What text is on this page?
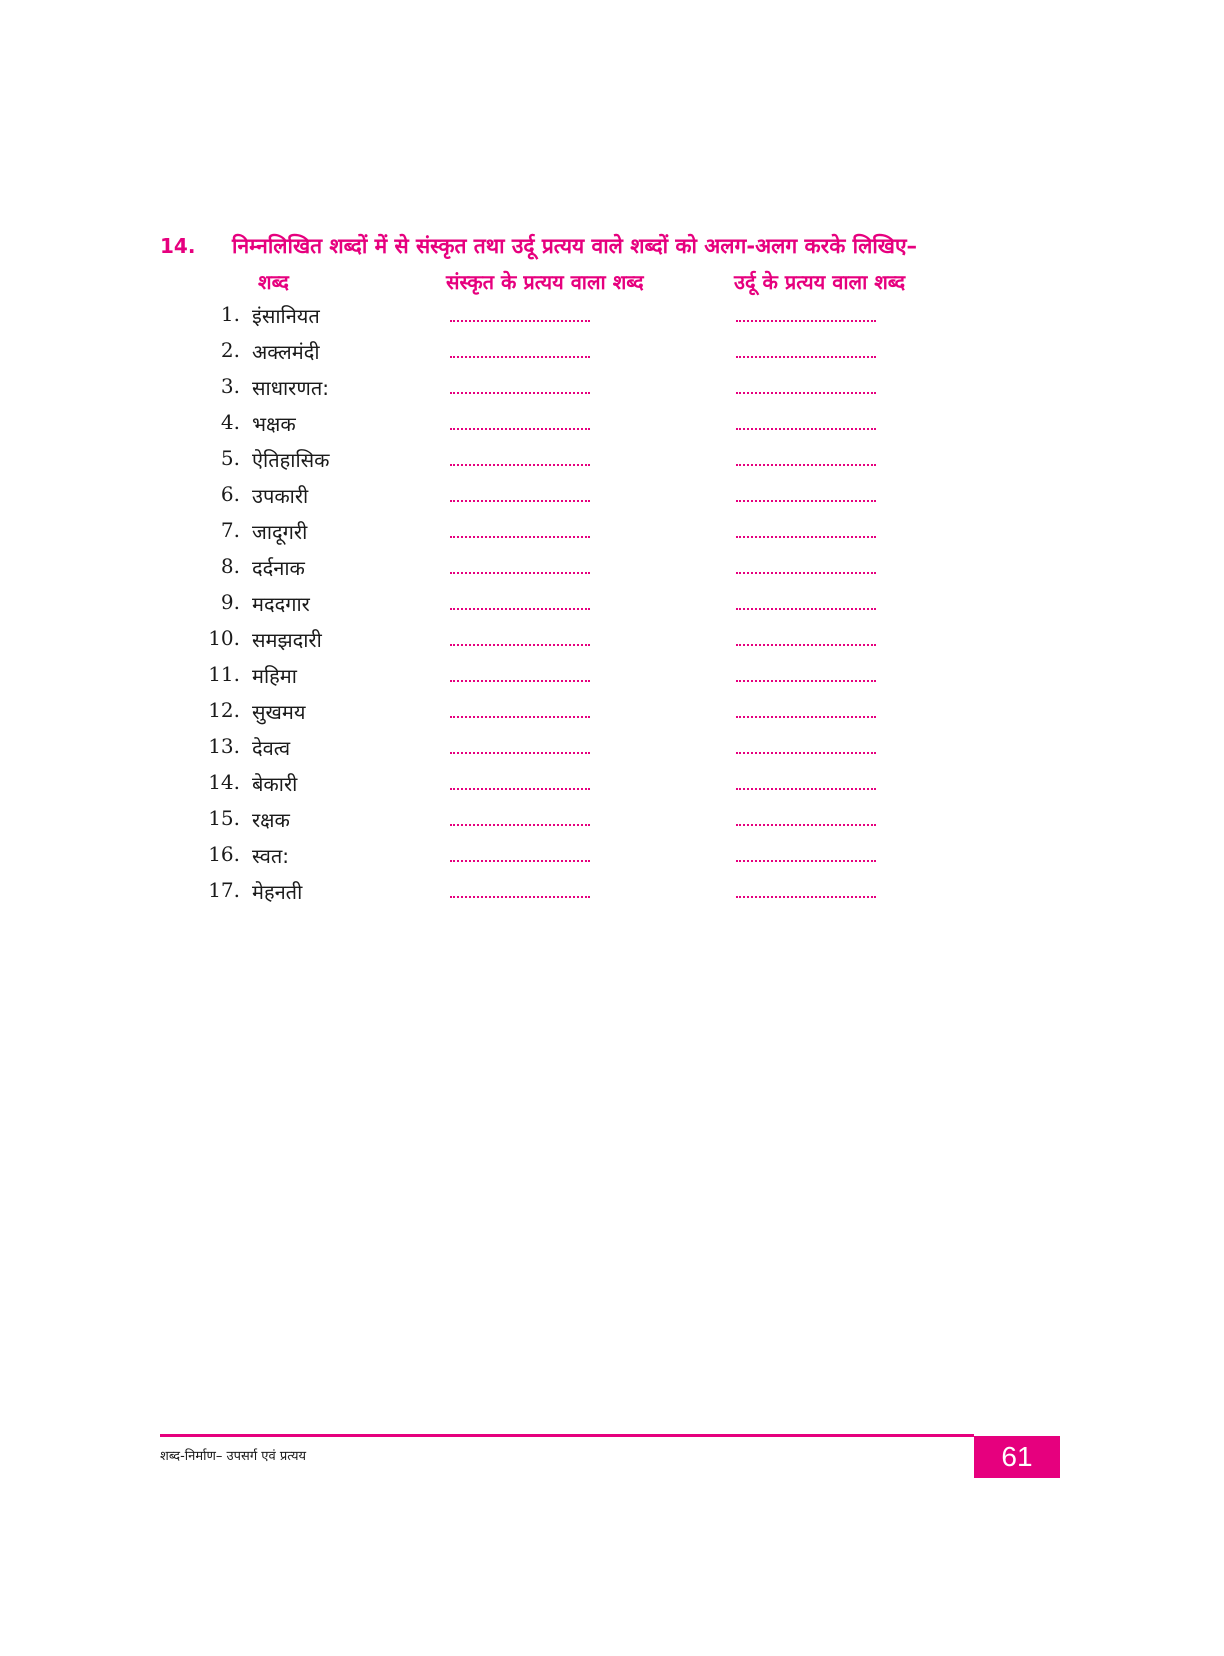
14. निम्नलिखित शब्दों में से संस्कृत तथा उर्दू प्रत्यय वाले शब्दों को अलग-अलग करके लिखिए–
शब्द	संस्कृत के प्रत्यय वाला शब्द	उर्दू के प्रत्यय वाला शब्द
1. इंसानियत
2. अक्लमंदी
3. साधारणत:
4. भक्षक
5. ऐतिहासिक
6. उपकारी
7. जादूगरी
8. दर्दनाक
9. मददगार
10. समझदारी
11. महिमा
12. सुखमय
13. देवत्व
14. बेकारी
15. रक्षक
16. स्वत:
17. मेहनती
शब्द-निर्माण– उपसर्ग एवं प्रत्यय	61
